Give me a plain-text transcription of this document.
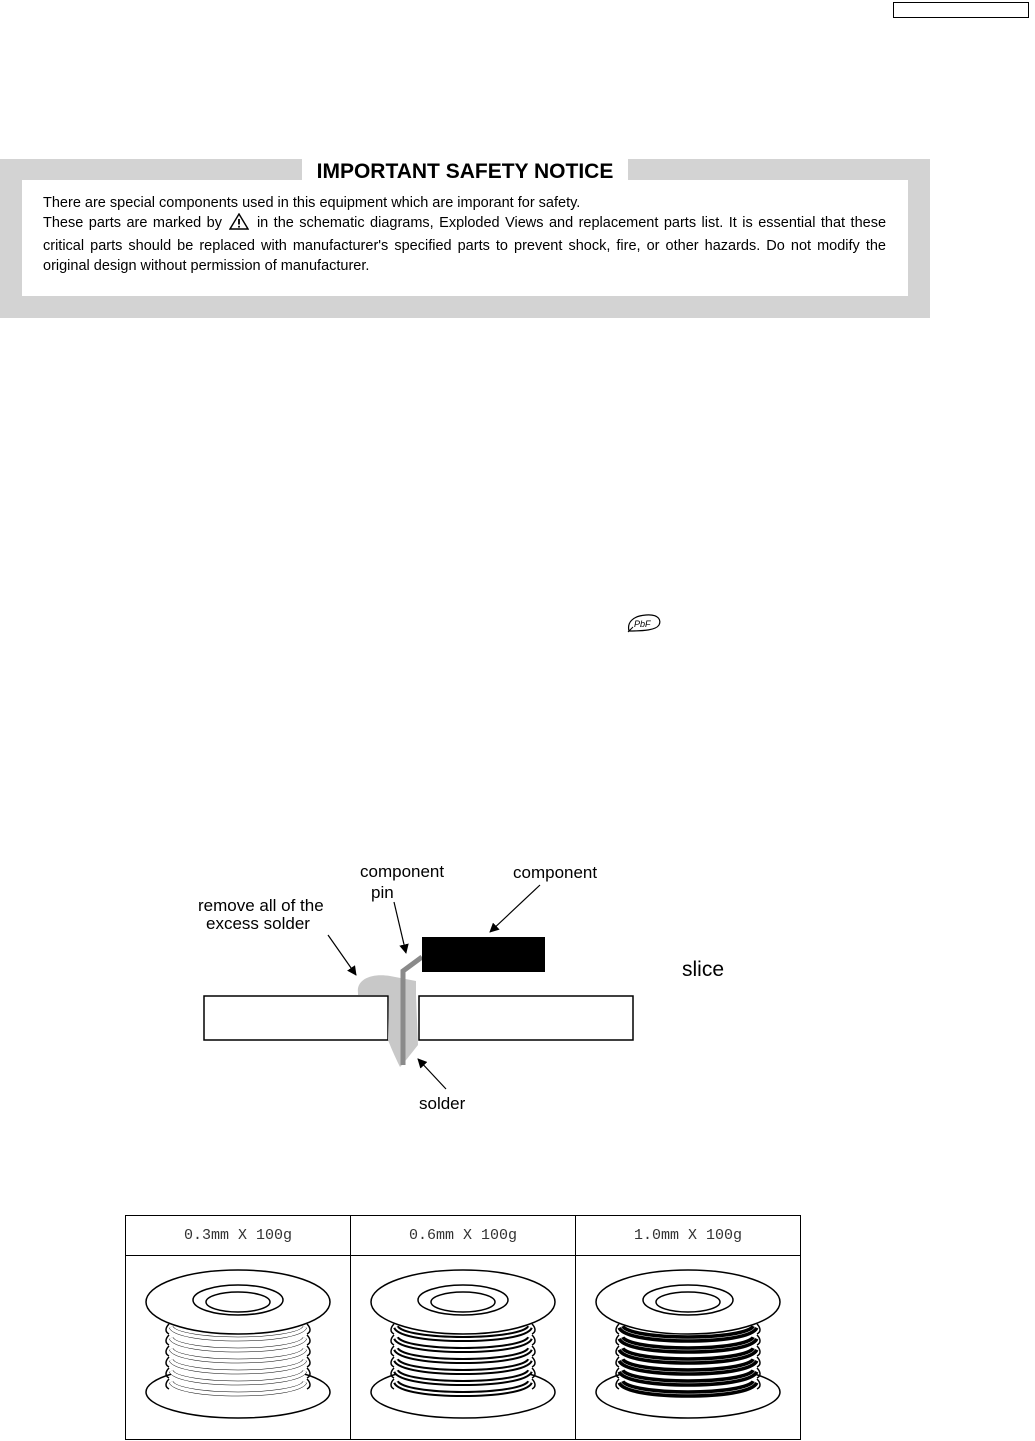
IMPORTANT SAFETY NOTICE

There are special components used in this equipment which are imporant for safety.

These parts are marked by in the schematic diagrams, Exploded Views and replacement parts list. It is essential that these critical parts should be replaced with manufacturer's specified parts to prevent shock, fire, or other hazards. Do not modify the original design without permission of manufacturer.

PbF
remove all of the
excess solder
component
pin
component
solder
slice
0.3mm X 100g	0.6mm X 100g	1.0mm X 100g
